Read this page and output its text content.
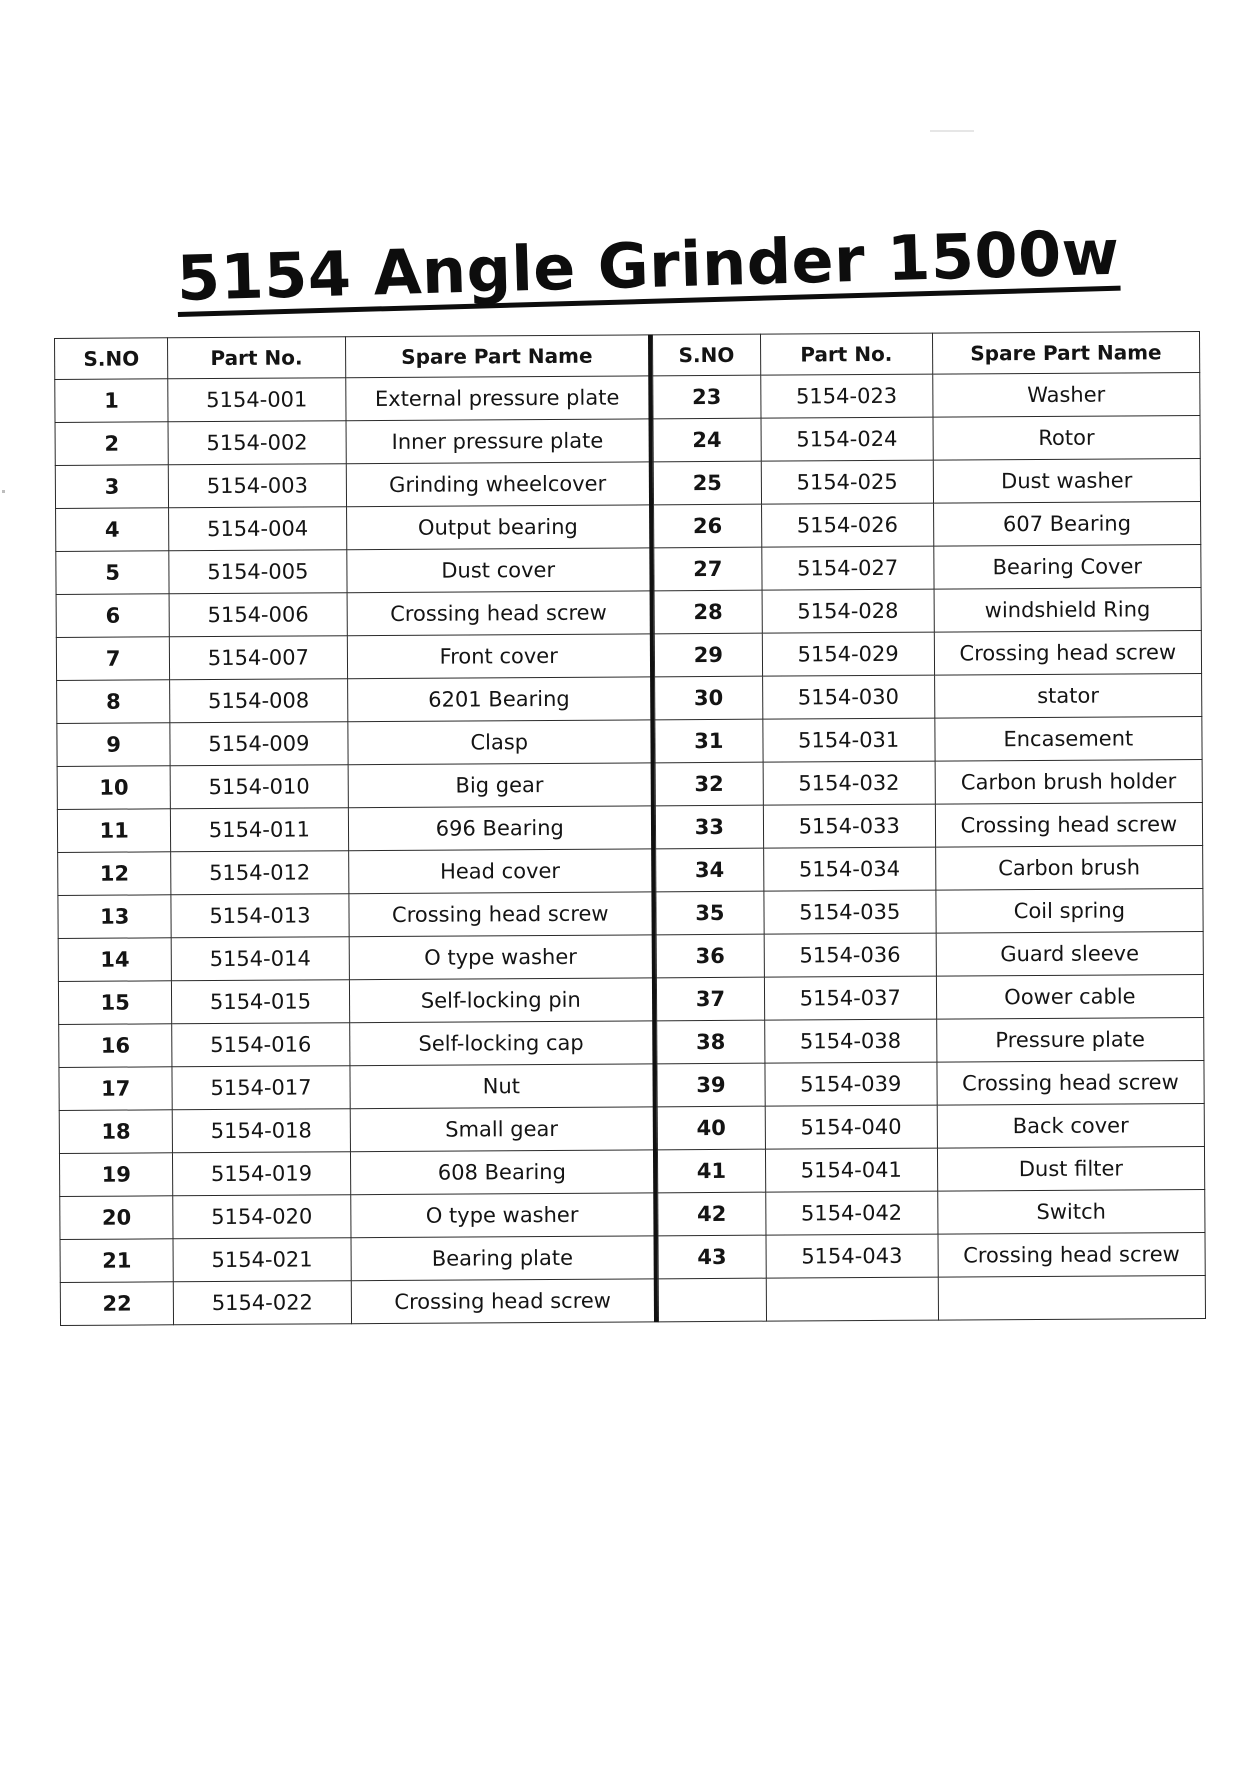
5154 Angle Grinder 1500w
S.NO	Part No.	Spare Part Name
1	5154-001	External pressure plate
2	5154-002	Inner pressure plate
3	5154-003	Grinding wheelcover
4	5154-004	Output bearing
5	5154-005	Dust cover
6	5154-006	Crossing head screw
7	5154-007	Front cover
8	5154-008	6201 Bearing
9	5154-009	Clasp
10	5154-010	Big gear
11	5154-011	696 Bearing
12	5154-012	Head cover
13	5154-013	Crossing head screw
14	5154-014	O type washer
15	5154-015	Self-locking pin
16	5154-016	Self-locking cap
17	5154-017	Nut
18	5154-018	Small gear
19	5154-019	608 Bearing
20	5154-020	O type washer
21	5154-021	Bearing plate
22	5154-022	Crossing head screw
S.NO	Part No.	Spare Part Name
23	5154-023	Washer
24	5154-024	Rotor
25	5154-025	Dust washer
26	5154-026	607 Bearing
27	5154-027	Bearing Cover
28	5154-028	windshield Ring
29	5154-029	Crossing head screw
30	5154-030	stator
31	5154-031	Encasement
32	5154-032	Carbon brush holder
33	5154-033	Crossing head screw
34	5154-034	Carbon brush
35	5154-035	Coil spring
36	5154-036	Guard sleeve
37	5154-037	Oower cable
38	5154-038	Pressure plate
39	5154-039	Crossing head screw
40	5154-040	Back cover
41	5154-041	Dust filter
42	5154-042	Switch
43	5154-043	Crossing head screw
